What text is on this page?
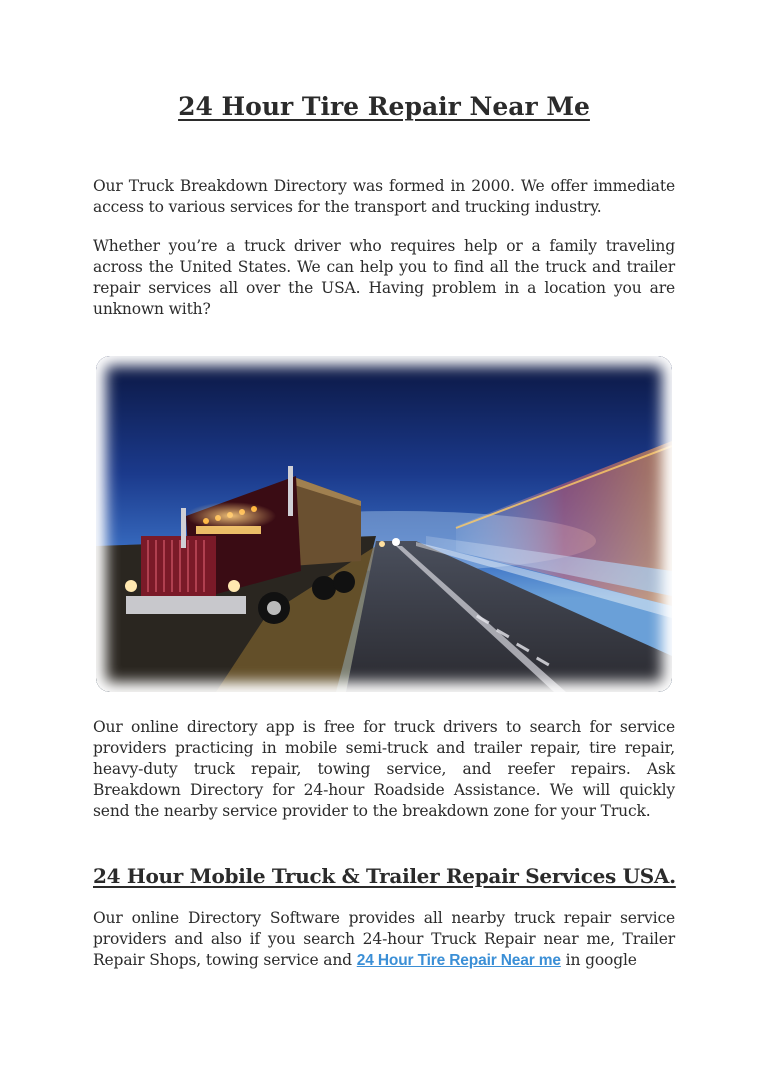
24 Hour Tire Repair Near Me

Our Truck Breakdown Directory was formed in 2000. We offer immediate access to various services for the transport and trucking industry.

Whether you’re a truck driver who requires help or a family traveling across the United States. We can help you to find all the truck and trailer repair services all over the USA. Having problem in a location you are unknown with?

Our online directory app is free for truck drivers to search for service providers practicing in mobile semi-truck and trailer repair, tire repair, heavy-duty truck repair, towing service, and reefer repairs. Ask Breakdown Directory for 24-hour Roadside Assistance. We will quickly send the nearby service provider to the breakdown zone for your Truck.

24 Hour Mobile Truck & Trailer Repair Services USA.

Our online Directory Software provides all nearby truck repair service providers and also if you search 24-hour Truck Repair near me, Trailer Repair Shops, towing service and 24 Hour Tire Repair Near me in google
